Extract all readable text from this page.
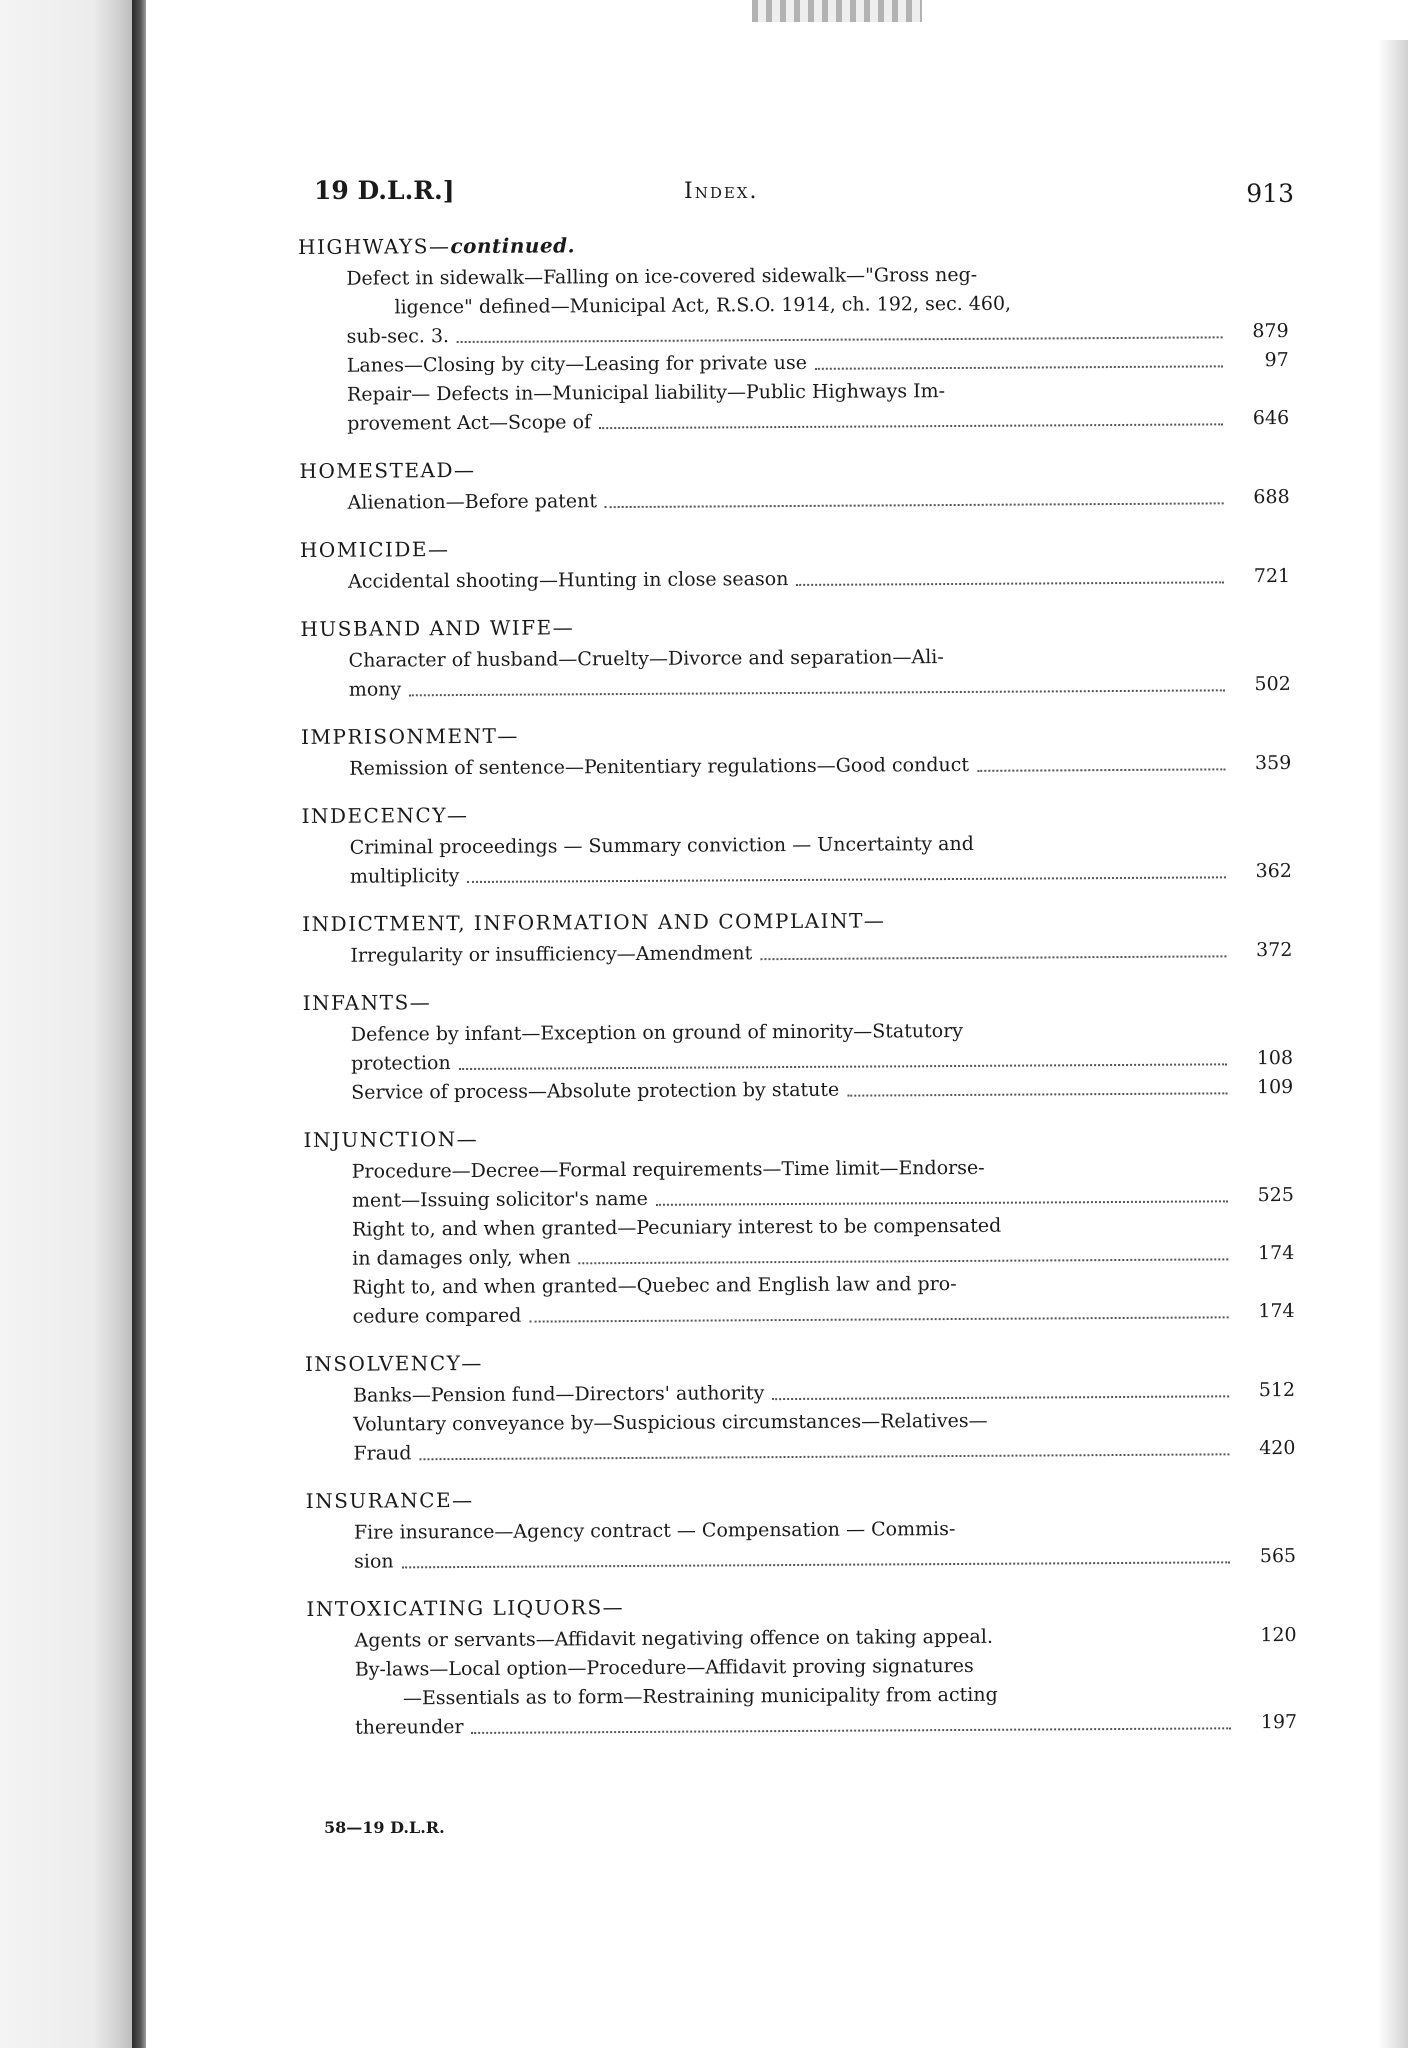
19 D.L.R.]	Index.	913
HIGHWAYS—continued.
Defect in sidewalk—Falling on ice-covered sidewalk—"Gross neg-
ligence" defined—Municipal Act, R.S.O. 1914, ch. 192, sec. 460,
sub-sec. 3.	879
Lanes—Closing by city—Leasing for private use	97
Repair— Defects in—Municipal liability—Public Highways Im-
provement Act—Scope of	646
HOMESTEAD—
Alienation—Before patent	688
HOMICIDE—
Accidental shooting—Hunting in close season	721
HUSBAND AND WIFE—
Character of husband—Cruelty—Divorce and separation—Ali-
mony	502
IMPRISONMENT—
Remission of sentence—Penitentiary regulations—Good conduct	359
INDECENCY—
Criminal proceedings — Summary conviction — Uncertainty and
multiplicity	362
INDICTMENT, INFORMATION AND COMPLAINT—
Irregularity or insufficiency—Amendment	372
INFANTS—
Defence by infant—Exception on ground of minority—Statutory
protection	108
Service of process—Absolute protection by statute	109
INJUNCTION—
Procedure—Decree—Formal requirements—Time limit—Endorse-
ment—Issuing solicitor's name	525
Right to, and when granted—Pecuniary interest to be compensated
in damages only, when	174
Right to, and when granted—Quebec and English law and pro-
cedure compared	174
INSOLVENCY—
Banks—Pension fund—Directors' authority	512
Voluntary conveyance by—Suspicious circumstances—Relatives—
Fraud	420
INSURANCE—
Fire insurance—Agency contract — Compensation — Commis-
sion	565
INTOXICATING LIQUORS—
Agents or servants—Affidavit negativing offence on taking appeal.	120
By-laws—Local option—Procedure—Affidavit proving signatures
—Essentials as to form—Restraining municipality from acting
thereunder	197
58—19 D.L.R.
